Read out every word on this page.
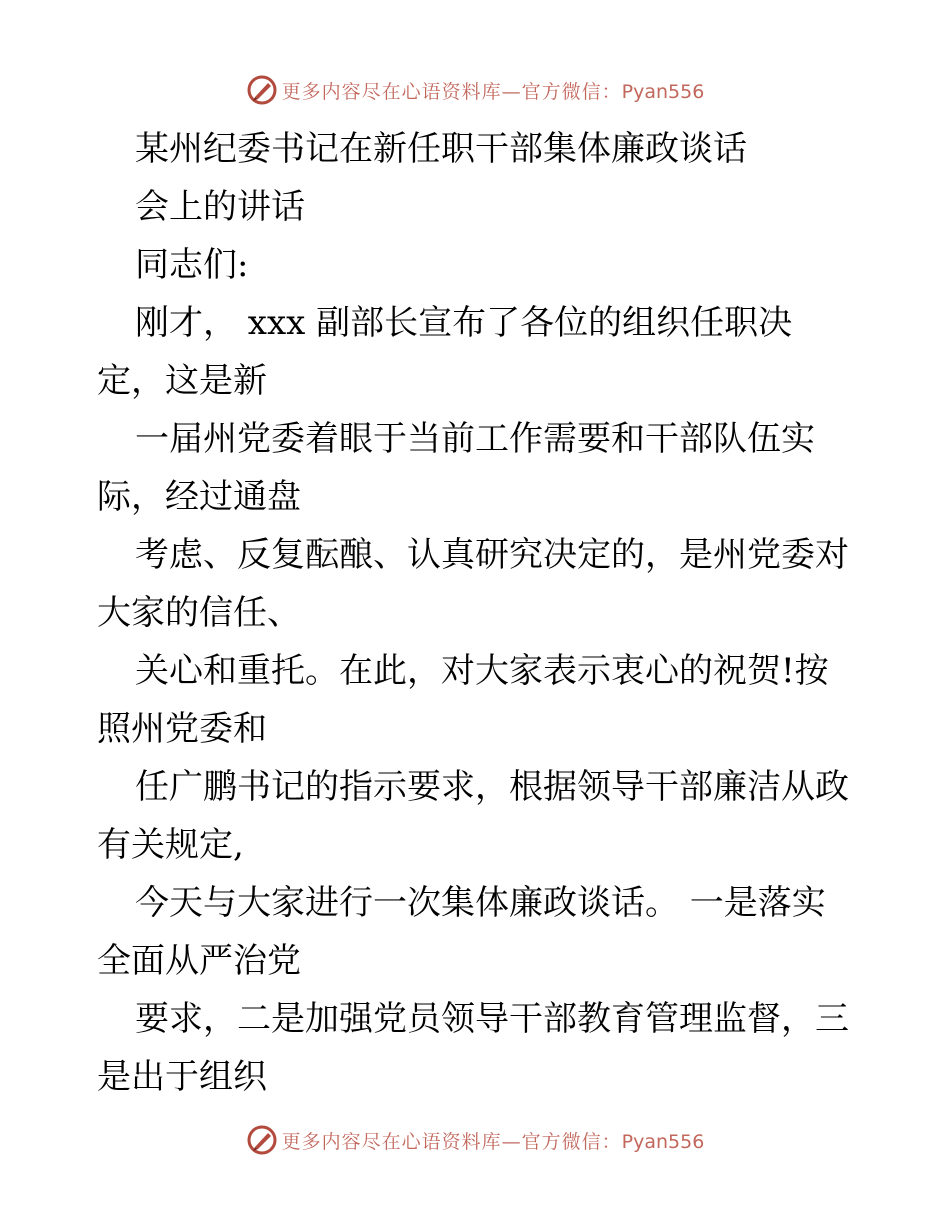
更多内容尽在心语资料库—官方微信：Pyan556
某州纪委书记在新任职干部集体廉政谈话
会上的讲话
同志们:
刚才， xxx 副部长宣布了各位的组织任职决
定，这是新
一届州党委着眼于当前工作需要和干部队伍实
际，经过通盘
考虑、反复酝酿、认真研究决定的，是州党委对
大家的信任、
关心和重托。在此，对大家表示衷心的祝贺!按
照州党委和
任广鹏书记的指示要求，根据领导干部廉洁从政
有关规定,
今天与大家进行一次集体廉政谈话。 一是落实
全面从严治党
要求，二是加强党员领导干部教育管理监督，三
是出于组织
更多内容尽在心语资料库—官方微信：Pyan556
